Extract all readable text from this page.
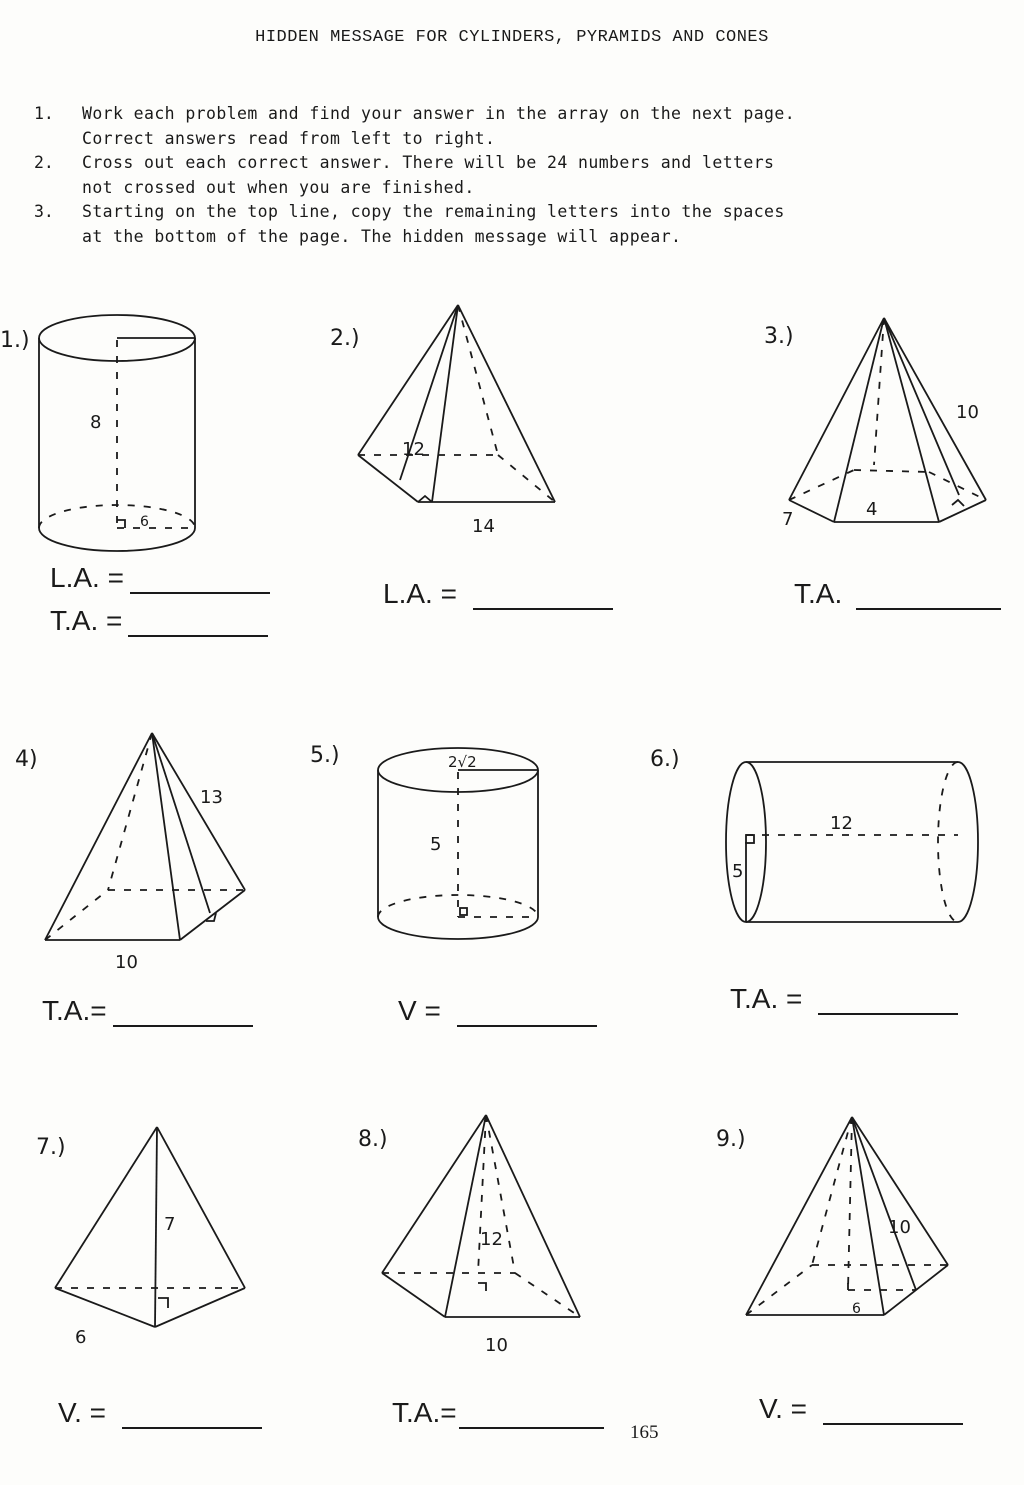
HIDDEN MESSAGE FOR CYLINDERS, PYRAMIDS AND CONES
1.	Work each problem and find your answer in the array on the next page.
Correct answers read from left to right.
2.	Cross out each correct answer. There will be 24 numbers and letters
not crossed out when you are finished.
3.	Starting on the top line, copy the remaining letters into the spaces
at the bottom of the page. The hidden message will appear.
1.)
8
6
L.A. =
T.A. =
2.)
12
14
L.A. =
3.)
10
7	4
T.A.
4)
13
10
T.A.=
5.)	2√2
5
V =
6.)
12
5
T.A. =
7.)
7
6
V. =
8.)
12
10
T.A.=
9.)
10
6
V. =
165
